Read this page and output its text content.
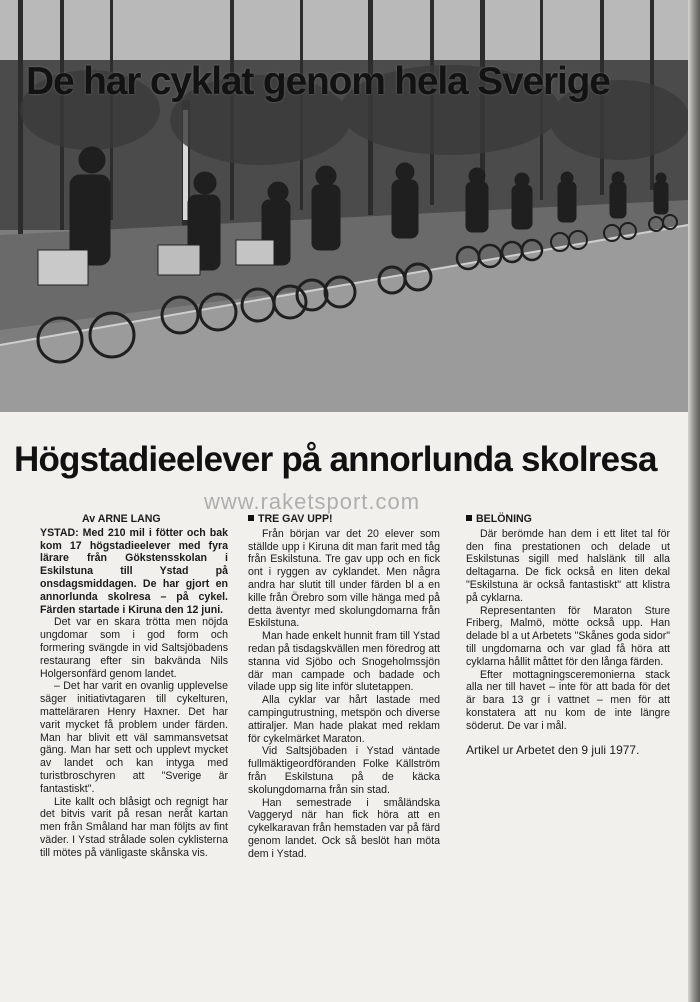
De har cyklat genom hela Sverige
Högstadieelever på annorlunda skolresa
www.raketsport.com

Av ARNE LANG

YSTAD: Med 210 mil i fötter och bak kom 17 högstadieelever med fyra lärare från Gökstensskolan i Eskilstuna till Ystad på onsdagsmiddagen. De har gjort en annorlunda skolresa – på cykel. Färden startade i Kiruna den 12 juni.

Det var en skara trötta men nöjda ungdomar som i god form och formering svängde in vid Saltsjöbadens restaurang efter sin bakvända Nils Holgersonfärd genom landet.

– Det har varit en ovanlig upplevelse säger initiativtagaren till cykelturen, matteläraren Henry Haxner. Det har varit mycket få problem under färden. Man har blivit ett väl sammansvetsat gäng. Man har sett och upplevt mycket av landet och kan intyga med turistbroschyren att "Sverige är fantastiskt".

Lite kallt och blåsigt och regnigt har det bitvis varit på resan neråt kartan men från Småland har man följts av fint väder. I Ystad strålade solen cyklisterna till mötes på vänligaste skånska vis.

TRE GAV UPP!

Från början var det 20 elever som ställde upp i Kiruna dit man farit med tåg från Eskilstuna. Tre gav upp och en fick ont i ryggen av cyklandet. Men några andra har slutit till under färden bl a en kille från Örebro som ville hänga med på detta äventyr med skolungdomarna från Eskilstuna.

Man hade enkelt hunnit fram till Ystad redan på tisdagskvällen men föredrog att stanna vid Sjöbo och Snogeholmssjön där man campade och badade och vilade upp sig lite inför slutetappen.

Alla cyklar var hårt lastade med campingutrustning, metspön och diverse attiraljer. Man hade plakat med reklam för cykelmärket Maraton.

Vid Saltsjöbaden i Ystad väntade fullmäktigeordföranden Folke Källström från Eskilstuna på de käcka skolungdomarna från sin stad.

Han semestrade i småländska Vaggeryd när han fick höra att en cykelkaravan från hemstaden var på färd genom landet. Ock så beslöt han möta dem i Ystad.

BELÖNING

Där berömde han dem i ett litet tal för den fina prestationen och delade ut Eskilstunas sigill med halslänk till alla deltagarna. De fick också en liten dekal "Eskilstuna är också fantastiskt" att klistra på cyklarna.

Representanten för Maraton Sture Friberg, Malmö, mötte också upp. Han delade bl a ut Arbetets "Skånes goda sidor" till ungdomarna och var glad få höra att cyklarna hållit måttet för den långa färden.

Efter mottagningsceremonierna stack alla ner till havet – inte för att bada för det är bara 13 gr i vattnet – men för att konstatera att nu kom de inte längre söderut. De var i mål.

Artikel ur Arbetet den 9 juli 1977.
